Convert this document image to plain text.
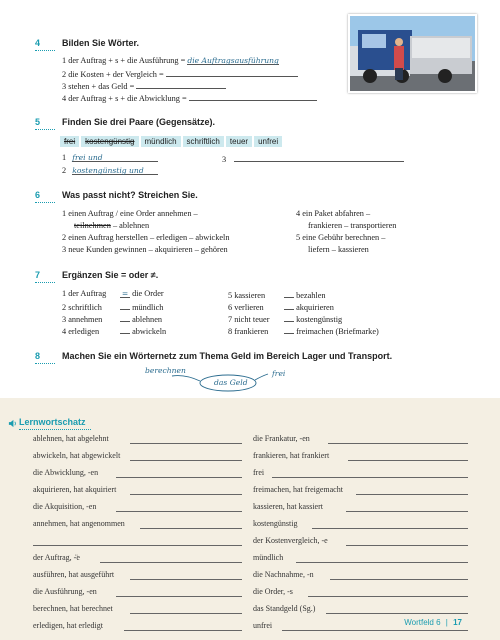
4 Bilden Sie Wörter.
1 der Auftrag + s + die Ausführung = die Auftragsausführung
2 die Kosten + der Vergleich =
3 stehen + das Geld =
4 der Auftrag + s + die Abwicklung =
5 Finden Sie drei Paare (Gegensätze).
frei kostengünstig mündlich schriftlich teuer unfrei
1 frei und
2 kostengünstig und
3
6 Was passt nicht? Streichen Sie.
1 einen Auftrag / eine Order annehmen –
teilnehmen – ablehnen
2 einen Auftrag herstellen – erledigen – abwickeln
3 neue Kunden gewinnen – akquirieren – gehören
4 ein Paket abfahren –
frankieren – transportieren
5 eine Gebühr berechnen –
liefern – kassieren
7 Ergänzen Sie = oder ≠.
1 der Auftrag = die Order
2 schriftlich	mündlich
3 annehmen	ablehnen
4 erledigen	abwickeln
5 kassieren	bezahlen
6 verlieren	akquirieren
7 nicht teuer	kostengünstig
8 frankieren	freimachen (Briefmarke)
8 Machen Sie ein Wörternetz zum Thema Geld im Bereich Lager und Transport.
das Geld
berechnen	frei
Lernwortschatz
ablehnen, hat abgelehnt
abwickeln, hat abgewickelt
die Abwicklung, -en
akquirieren, hat akquiriert
die Akquisition, -en
annehmen, hat angenommen
der Auftrag, -̈e
ausführen, hat ausgeführt
die Ausführung, -en
berechnen, hat berechnet
erledigen, hat erledigt
die Frankatur, -en
frankieren, hat frankiert
frei
freimachen, hat freigemacht
kassieren, hat kassiert
kostengünstig
der Kostenvergleich, -e
mündlich
die Nachnahme, -n
die Order, -s
das Standgeld (Sg.)
unfrei	Wortfeld 6 | 17
